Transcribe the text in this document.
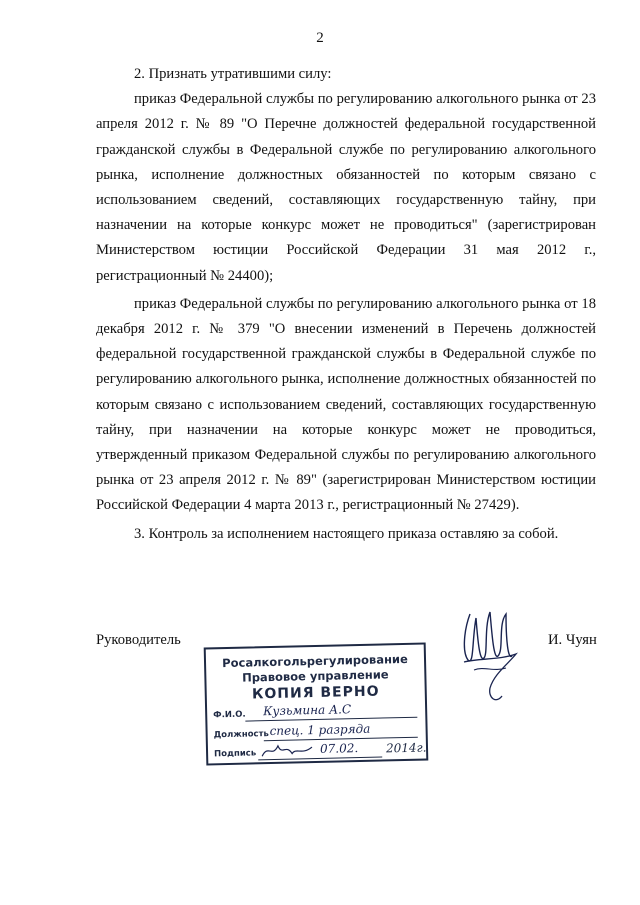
2

2. Признать утратившими силу:

приказ Федеральной службы по регулированию алкогольного рынка от 23 апреля 2012 г. № 89 "О Перечне должностей федеральной государственной гражданской службы в Федеральной службе по регулированию алкогольного рынка, исполнение должностных обязанностей по которым связано с использованием сведений, составляющих государственную тайну, при назначении на которые конкурс может не проводиться" (зарегистрирован Министерством юстиции Российской Федерации 31 мая 2012 г., регистрационный № 24400);

приказ Федеральной службы по регулированию алкогольного рынка от 18 декабря 2012 г. № 379 "О внесении изменений в Перечень должностей федеральной государственной гражданской службы в Федеральной службе по регулированию алкогольного рынка, исполнение должностных обязанностей по которым связано с использованием сведений, составляющих государственную тайну, при назначении на которые конкурс может не проводиться, утвержденный приказом Федеральной службы по регулированию алкогольного рынка от 23 апреля 2012 г. № 89" (зарегистрирован Министерством юстиции Российской Федерации 4 марта 2013 г., регистрационный № 27429).

3. Контроль за исполнением настоящего приказа оставляю за собой.

Руководитель	И. Чуян
Росалкогольрегулирование
Правовое управление
КОПИЯ ВЕРНО
Ф.И.О. Кузьмина А.С
Должность спец. 1 разряда
Подпись	07.02. 2014г.
